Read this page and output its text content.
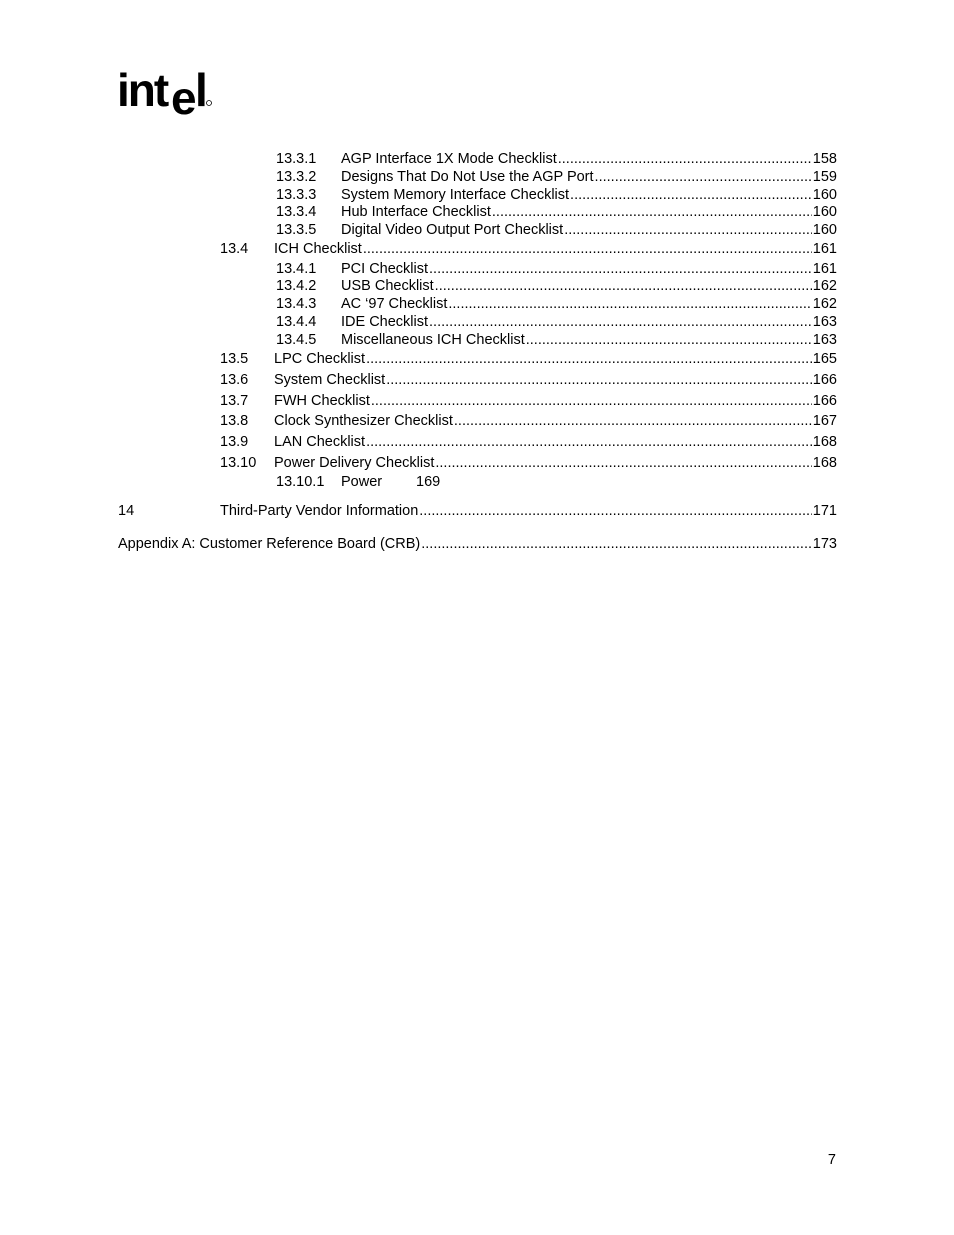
int e l
13.3.1 AGP Interface 1X Mode Checklist .....	158
13.3.2 Designs That Do Not Use the AGP Port .....	159
13.3.3 System Memory Interface Checklist .....	160
13.3.4 Hub Interface Checklist .....	160
13.3.5 Digital Video Output Port Checklist .....	160
13.4 ICH Checklist .....	161
13.4.1 PCI Checklist .....	161
13.4.2 USB Checklist .....	162
13.4.3 AC ‘97 Checklist .....	162
13.4.4 IDE Checklist .....	163
13.4.5 Miscellaneous ICH Checklist .....	163
13.5 LPC Checklist .....	165
13.6 System Checklist .....	166
13.7 FWH Checklist .....	166
13.8 Clock Synthesizer Checklist .....	167
13.9 LAN Checklist .....	168
13.10 Power Delivery Checklist .....	168
13.10.1 Power 169
14	Third-Party Vendor Information .....	171
Appendix A: Customer Reference Board (CRB) .....	173
7
